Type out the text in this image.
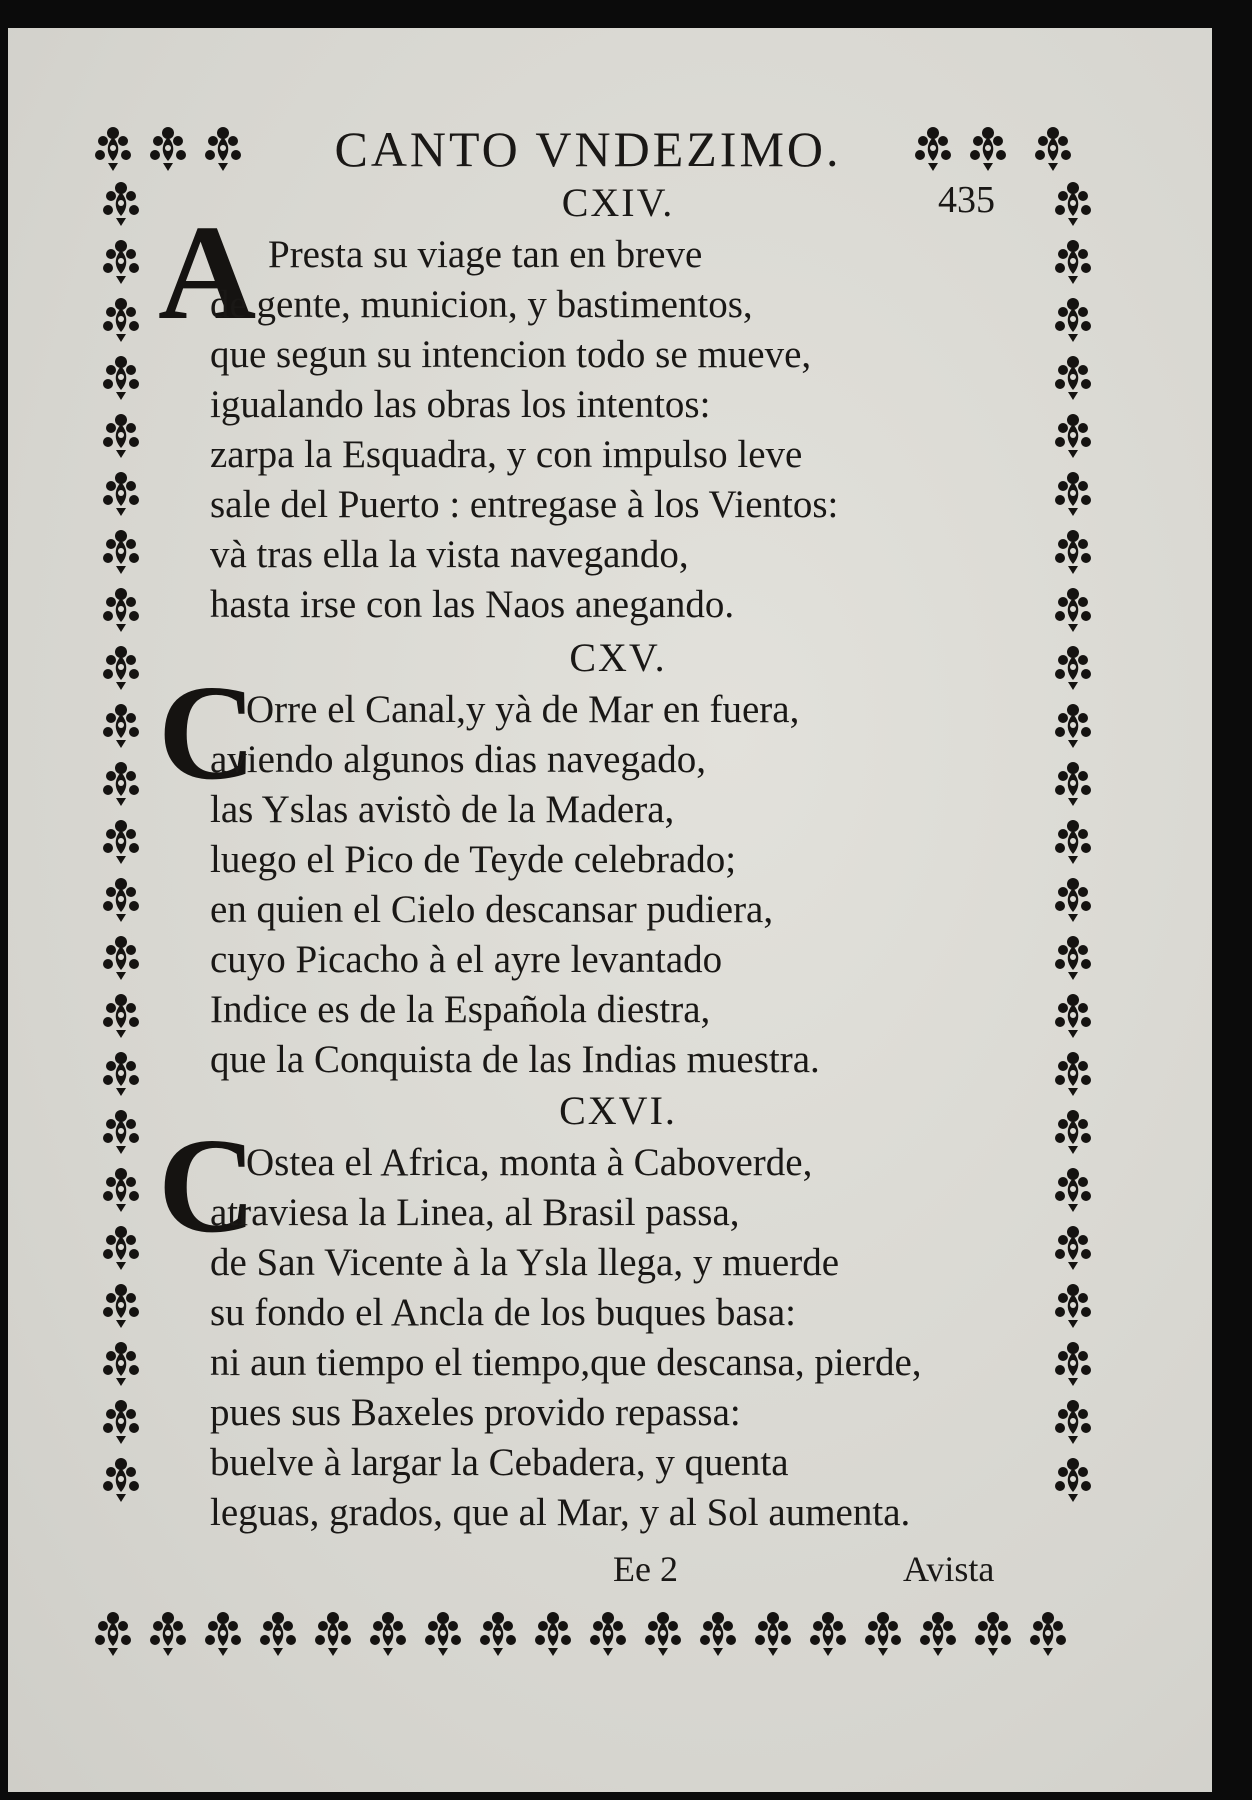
CANTO VNDEZIMO.
435
CXIV.
A Presta su viage tan en breve
de gente, municion, y bastimentos,
que segun su intencion todo se mueve,
igualando las obras los intentos:
zarpa la Esquadra, y con impulso leve
sale del Puerto : entregase à los Vientos:
và tras ella la vista navegando,
hasta irse con las Naos anegando.
CXV.
C
Orre el Canal,y yà de Mar en fuera,
aviendo algunos dias navegado,
las Yslas avistò de la Madera,
luego el Pico de Teyde celebrado;
en quien el Cielo descansar pudiera,
cuyo Picacho à el ayre levantado
Indice es de la Española diestra,
que la Conquista de las Indias muestra.
CXVI.
C
Ostea el Africa, monta à Caboverde,
atraviesa la Linea, al Brasil passa,
de San Vicente à la Ysla llega, y muerde
su fondo el Ancla de los buques basa:
ni aun tiempo el tiempo,que descansa, pierde,
pues sus Baxeles provido repassa:
buelve à largar la Cebadera, y quenta
leguas, grados, que al Mar, y al Sol aumenta.
Ee 2	Avista
